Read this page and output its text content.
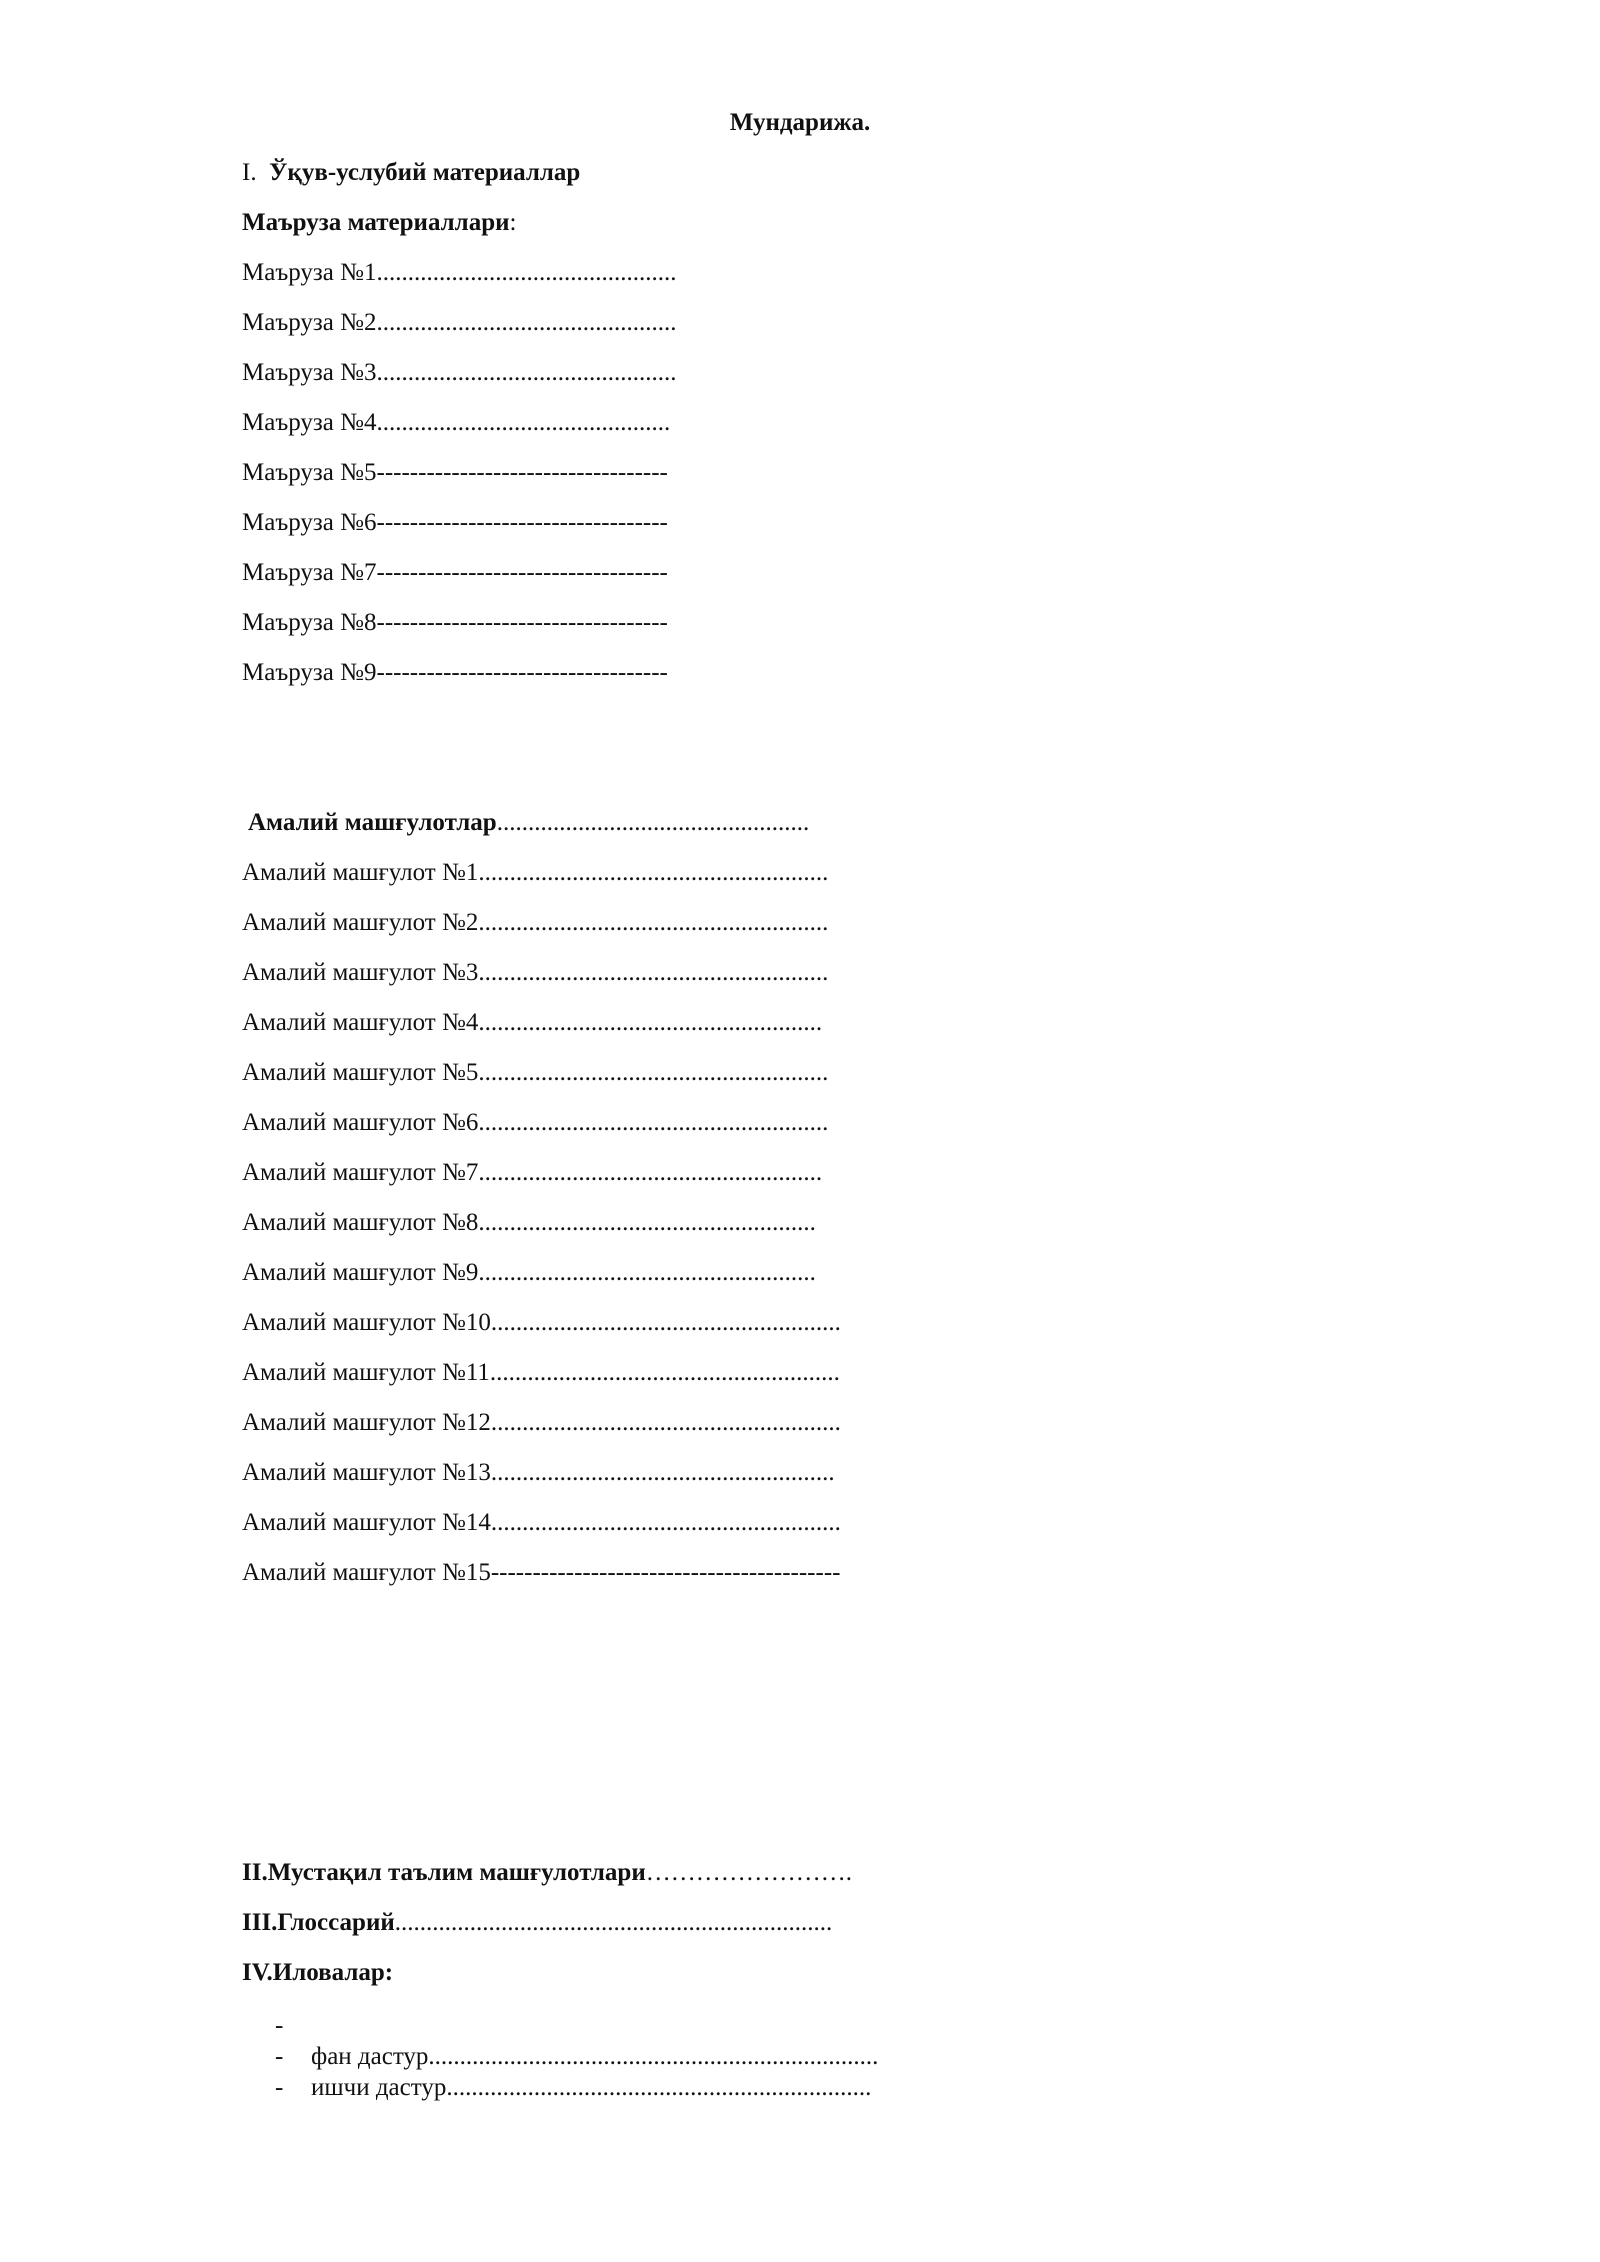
Мундарижа.
I. Ўқув-услубий материаллар
Маъруза материаллари:
Маъруза №1................................................
Маъруза №2................................................
Маъруза №3................................................
Маъруза №4...............................................
Маъруза №5-----------------------------------
Маъруза №6-----------------------------------
Маъруза №7-----------------------------------
Маъруза №8-----------------------------------
Маъруза №9-----------------------------------
Амалий машғулотлар..................................................
Амалий машғулот №1........................................................
Амалий машғулот №2........................................................
Амалий машғулот №3........................................................
Амалий машғулот №4.......................................................
Амалий машғулот №5........................................................
Амалий машғулот №6........................................................
Амалий машғулот №7.......................................................
Амалий машғулот №8......................................................
Амалий машғулот №9......................................................
Амалий машғулот №10........................................................
Амалий машғулот №11........................................................
Амалий машғулот №12........................................................
Амалий машғулот №13.......................................................
Амалий машғулот №14........................................................
Амалий машғулот №15------------------------------------------
II.Мустақил таълим машғулотлари…………………….
III.Глоссарий......................................................................
IV.Иловалар:

-

-

фан дастур........................................................................

-

ишчи дастур....................................................................
